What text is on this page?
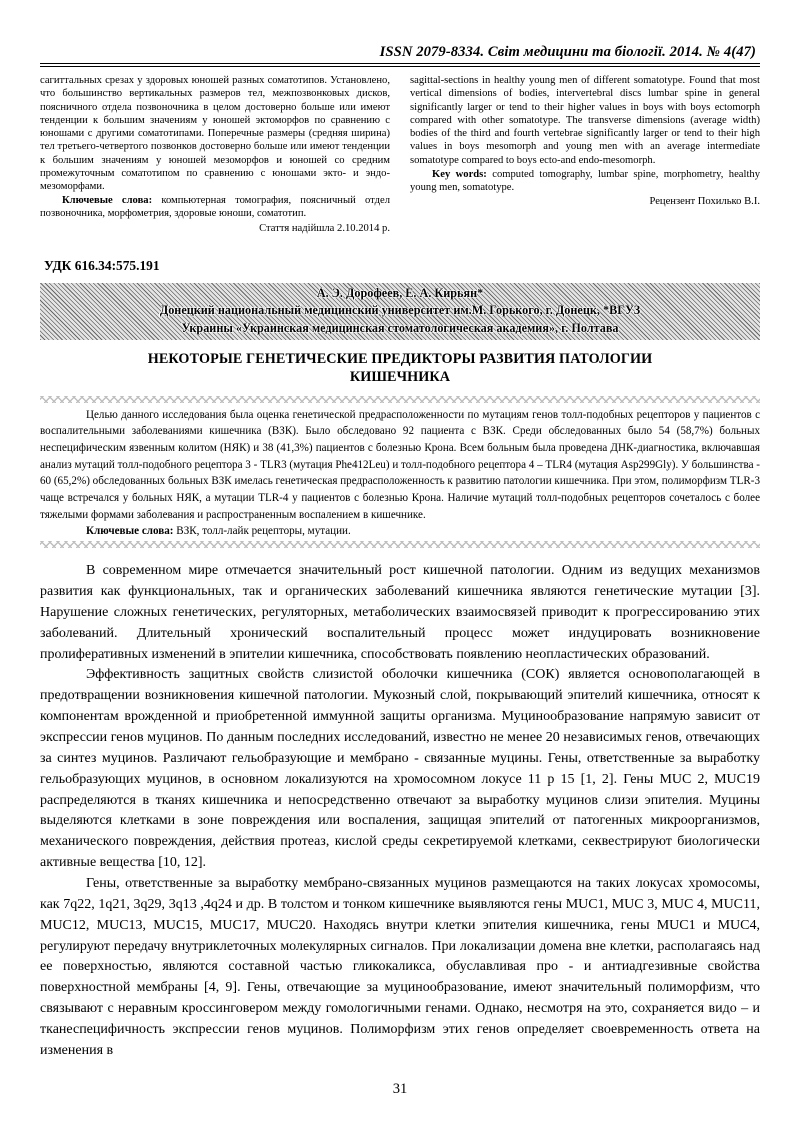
ISSN 2079-8334. Світ медицини та біології. 2014. № 4(47)

сагиттальных срезах у здоровых юношей разных соматотипов. Установлено, что большинство вертикальных размеров тел, межпозвонковых дисков, поясничного отдела позвоночника в целом достоверно больше или имеют тенденции к большим значениям у юношей эктоморфов по сравнению с юношами с другими соматотипами. Поперечные размеры (средняя ширина) тел третьего-четвертого позвонков достоверно больше или имеют тенденции к большим значениям у юношей мезоморфов и юношей со средним промежуточным соматотипом по сравнению с юношами экто- и эндо-мезоморфами.

Ключевые слова: компьютерная томография, поясничный отдел позвоночника, морфометрия, здоровые юноши, соматотип.

Стаття надійшла 2.10.2014 р.

sagittal-sections in healthy young men of different somatotype. Found that most vertical dimensions of bodies, intervertebral discs lumbar spine in general significantly larger or tend to their higher values in boys with boys ectomorph compared with other somatotype. The transverse dimensions (average width) bodies of the third and fourth vertebrae significantly larger or tend to their high values in boys mesomorph and young men with an average intermediate somatotype compared to boys ecto-and endo-mesomorph.

Key words: computed tomography, lumbar spine, morphometry, healthy young men, somatotype.

Рецензент Похилько В.І.

УДК 616.34:575.191
А. Э. Дорофеев, Е. А. Кирьян*
Донецкий национальный медицинский университет им.М. Горького, г. Донецк, *ВГУЗ
Украины «Украинская медицинская стоматологическая академия», г. Полтава
НЕКОТОРЫЕ ГЕНЕТИЧЕСКИЕ ПРЕДИКТОРЫ РАЗВИТИЯ ПАТОЛОГИИ КИШЕЧНИКА

Целью данного исследования была оценка генетической предрасположенности по мутациям генов толл-подобных рецепторов у пациентов с воспалительными заболеваниями кишечника (ВЗК). Было обследовано 92 пациента с ВЗК. Среди обследованных было 54 (58,7%) больных неспецифическим язвенным колитом (НЯК) и 38 (41,3%) пациентов с болезнью Крона. Всем больным была проведена ДНК-диагностика, включавшая анализ мутаций толл-подобного рецептора 3 - TLR3 (мутация Phe412Leu) и толл-подобного рецептора 4 – TLR4 (мутация Asp299Gly). У большинства - 60 (65,2%) обследованных больных ВЗК имелась генетическая предрасположенность к развитию патологии кишечника. При этом, полиморфизм TLR-3 чаще встречался у больных НЯК, а мутации TLR-4 у пациентов с болезнью Крона. Наличие мутаций толл-подобных рецепторов сочеталось с более тяжелыми формами заболевания и распространенным воспалением в кишечнике.

Ключевые слова: ВЗК, толл-лайк рецепторы, мутации.

В современном мире отмечается значительный рост кишечной патологии. Одним из ведущих механизмов развития как функциональных, так и органических заболеваний кишечника являются генетические мутации [3]. Нарушение сложных генетических, регуляторных, метаболических взаимосвязей приводит к прогрессированию этих заболеваний. Длительный хронический воспалительный процесс может индуцировать возникновение пролиферативных изменений в эпителии кишечника, способствовать появлению неопластических образований.

Эффективность защитных свойств слизистой оболочки кишечника (СОК) является основополагающей в предотвращении возникновения кишечной патологии. Мукозный слой, покрывающий эпителий кишечника, относят к компонентам врожденной и приобретенной иммунной защиты организма. Муцинообразование напрямую зависит от экспрессии генов муцинов. По данным последних исследований, известно не менее 20 независимых генов, отвечающих за синтез муцинов. Различают гельобразующие и мембрано - связанные муцины. Гены, ответственные за выработку гельобразующих муцинов, в основном локализуются на хромосомном локусе 11 р 15 [1, 2]. Гены MUC 2, MUC19 распределяются в тканях кишечника и непосредственно отвечают за выработку муцинов слизи эпителия. Муцины выделяются клетками в зоне повреждения или воспаления, защищая эпителий от патогенных микроорганизмов, механического повреждения, действия протеаз, кислой среды секретируемой клетками, секвестрируют биологически активные вещества [10, 12].

Гены, ответственные за выработку мембрано-связанных муцинов размещаются на таких локусах хромосомы, как 7q22, 1q21, 3q29, 3q13 ,4q24 и др. В толстом и тонком кишечнике выявляются гены MUC1, MUC 3, MUC 4, MUC11, MUC12, MUC13, MUC15, MUC17, MUC20. Находясь внутри клетки эпителия кишечника, гены MUC1 и MUC4, регулируют передачу внутриклеточных молекулярных сигналов. При локализации домена вне клетки, располагаясь над ее поверхностью, являются составной частью гликокаликса, обуславливая про - и антиадгезивные свойства поверхностной мембраны [4, 9]. Гены, отвечающие за муцинообразование, имеют значительный полиморфизм, что связывают с неравным кроссинговером между гомологичными генами. Однако, несмотря на это, сохраняется видо – и тканеспецифичность экспрессии генов муцинов. Полиморфизм этих генов определяет своевременность ответа на изменения в

31
